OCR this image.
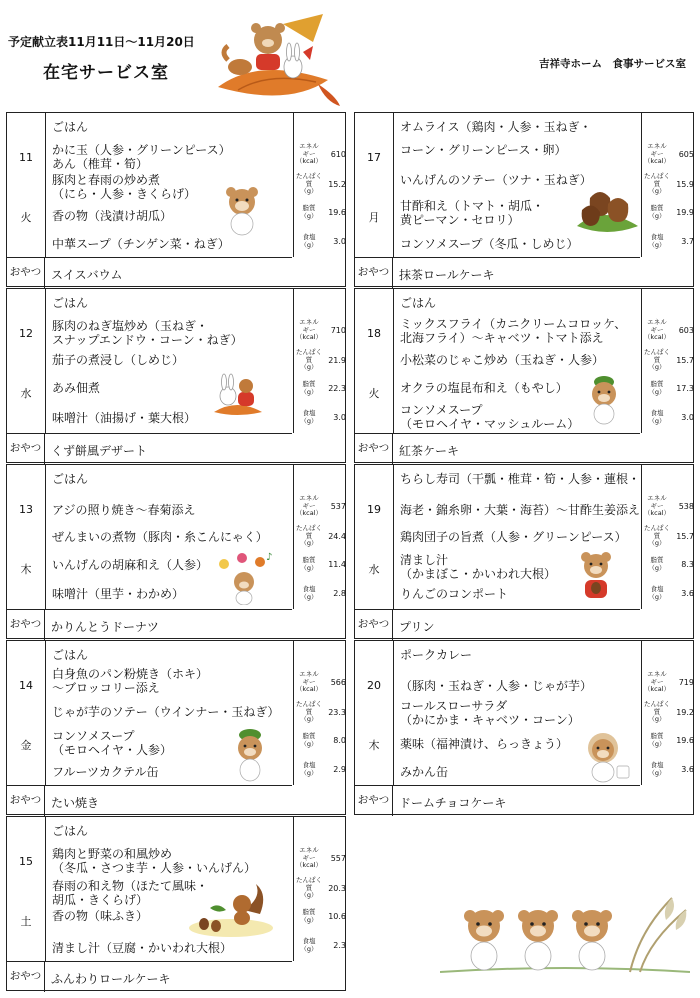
予定献立表11月11日～11月20日
在宅サービス室	吉祥寺ホーム　食事サービス室
11
火
ごはん
かに玉（人参・グリーンピース）
あん（椎茸・筍）
豚肉と春雨の炒め煮
（にら・人参・きくらげ）
香の物（浅漬け胡瓜）
中華スープ（チンゲン菜・ねぎ）
おやつ スイスバウム
エネル
ギー
（kcal）
610
たんぱく
質
（g）
15.2
脂質
（g）	19.6
食塩
（g）	3.0
17
月
オムライス（鶏肉・人参・玉ねぎ・
コーン・グリーンピース・卵）
いんげんのソテー（ツナ・玉ねぎ）
甘酢和え（トマト・胡瓜・
黄ピーマン・セロリ）
コンソメスープ（冬瓜・しめじ）
おやつ 抹茶ロールケーキ
エネル
ギー
（kcal）
605
たんぱく
質
（g）
15.9
脂質
（g）	19.9
食塩
（g）	3.7
12
水
ごはん
豚肉のねぎ塩炒め（玉ねぎ・
スナップエンドウ・コーン・ねぎ）
茄子の煮浸し（しめじ）
あみ佃煮
味噌汁（油揚げ・葉大根）
おやつ くず餅風デザート
エネル
ギー
（kcal）
710
たんぱく
質
（g）
21.9
脂質
（g）	22.3
食塩
（g）	3.0
18
火
ごはん
ミックスフライ（カニクリームコロッケ、
北海フライ）～キャベツ・トマト添え
小松菜のじゃこ炒め（玉ねぎ・人参）
オクラの塩昆布和え（もやし）
コンソメスープ
（モロヘイヤ・マッシュルーム）
おやつ 紅茶ケーキ
エネル
ギー
（kcal）
603
たんぱく
質
（g）
15.7
脂質
（g）	17.3
食塩
（g）	3.0
13
木
ごはん
アジの照り焼き～春菊添え
ぜんまいの煮物（豚肉・糸こんにゃく）
いんげんの胡麻和え（人参）
味噌汁（里芋・わかめ）
おやつ かりんとうドーナツ
エネル
ギー
（kcal）
537
たんぱく
質
（g）
24.4
脂質
（g）	11.4
食塩
（g）	2.8
19
水
ちらし寿司（干瓢・椎茸・筍・人参・蓮根・
海老・錦糸卵・大葉・海苔）～甘酢生姜添え
鶏肉団子の旨煮（人参・グリーンピース）
清まし汁
（かまぼこ・かいわれ大根）
りんごのコンポート
おやつ プリン
エネル
ギー
（kcal）
538
たんぱく
質
（g）
15.7
脂質
（g）	8.3
食塩
（g）	3.6
14
金
ごはん
白身魚のパン粉焼き（ホキ）
～ブロッコリー添え
じゃが芋のソテー（ウインナー・玉ねぎ）
コンソメスープ
（モロヘイヤ・人参）
フルーツカクテル缶
おやつ たい焼き
エネル
ギー
（kcal）
566
たんぱく
質
（g）
23.3
脂質
（g）	8.0
食塩
（g）	2.9
20
木
ポークカレー
（豚肉・玉ねぎ・人参・じゃが芋）
コールスローサラダ
（かにかま・キャベツ・コーン）
薬味（福神漬け、らっきょう）
みかん缶
おやつ ドームチョコケーキ
エネル
ギー
（kcal）
719
たんぱく
質
（g）
19.2
脂質
（g）	19.6
食塩
（g）	3.6
15
土
ごはん
鶏肉と野菜の和風炒め
（冬瓜・さつま芋・人参・いんげん）
春雨の和え物（ほたて風味・
胡瓜・きくらげ）
香の物（味ふき）
清まし汁（豆腐・かいわれ大根）
おやつ ふんわりロールケーキ
エネル
ギー
（kcal）
557
たんぱく
質
（g）
20.3
脂質
（g）	10.6
食塩
（g）	2.3
♪
